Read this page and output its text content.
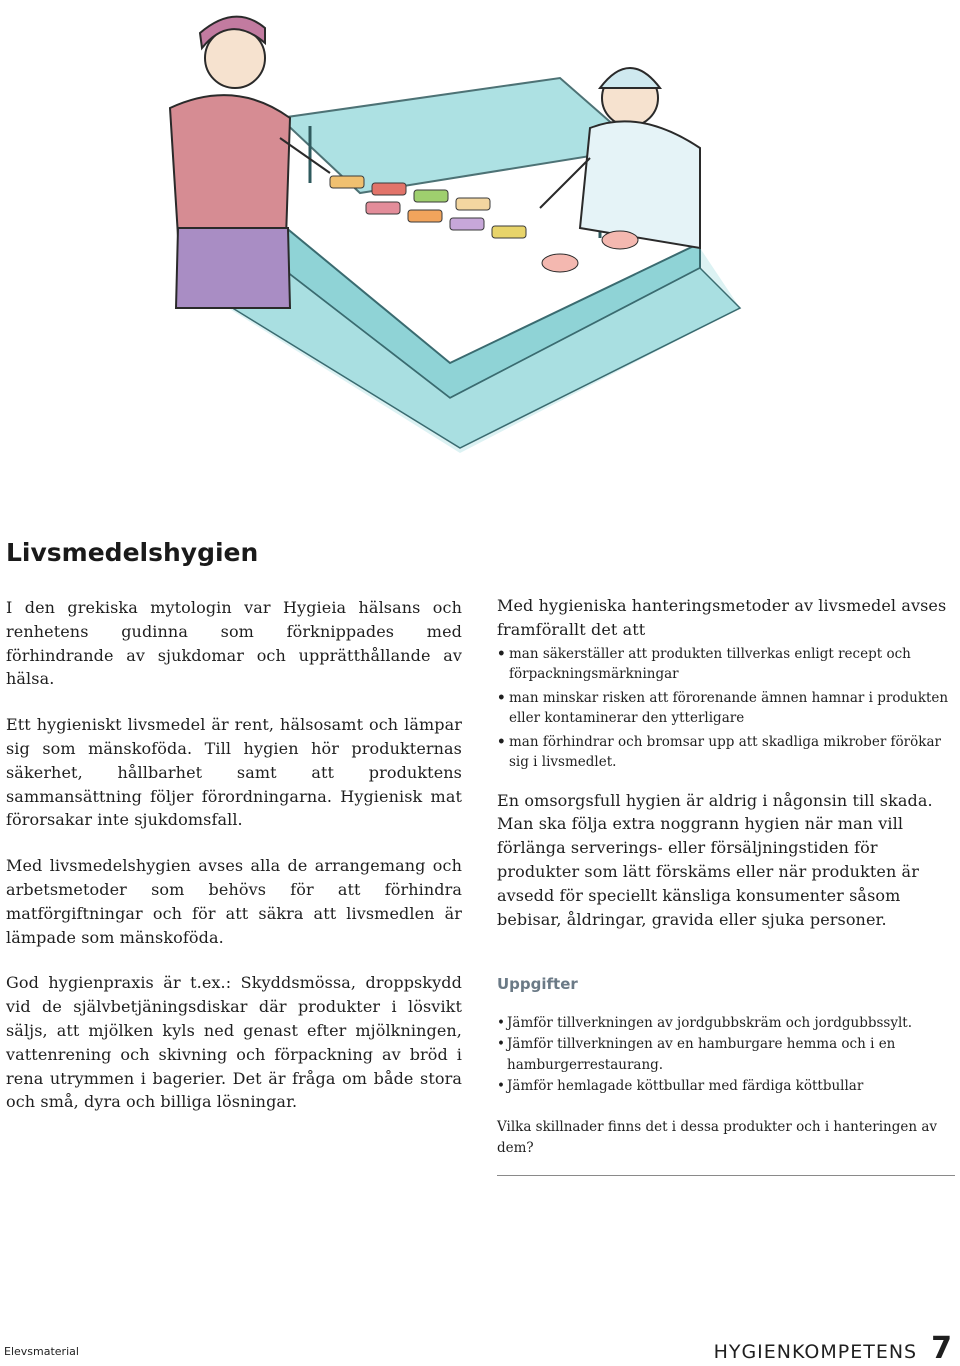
Livsmedelshygien

I den grekiska mytologin var Hygieia hälsans och renhetens gudinna som förknippades med förhindrande av sjukdomar och upprätthållande av hälsa.

Ett hygieniskt livsmedel är rent, hälsosamt och lämpar sig som mänskoföda. Till hygien hör produkternas säkerhet, hållbarhet samt att produktens sammansättning följer förordningarna. Hygienisk mat förorsakar inte sjukdomsfall.

Med livsmedelshygien avses alla de arrangemang och arbetsmetoder som behövs för att förhindra matförgiftningar och för att säkra att livsmedlen är lämpade som mänskoföda.

God hygienpraxis är t.ex.: Skyddsmössa, droppskydd vid de självbetjäningsdiskar där produkter i lösvikt säljs, att mjölken kyls ned genast efter mjölkningen, vattenrening och skivning och förpackning av bröd i rena utrymmen i bagerier. Det är fråga om både stora och små, dyra och billiga lösningar.

Med hygieniska hanteringsmetoder av livsmedel avses framförallt det att

• man säkerställer att produkten tillverkas enligt recept och förpackningsmärkningar
• man minskar risken att förorenande ämnen hamnar i produkten eller kontaminerar den ytterligare
• man förhindrar och bromsar upp att skadliga mikrober förökar sig i livsmedlet.

En omsorgsfull hygien är aldrig i någonsin till skada. Man ska följa extra noggrann hygien när man vill förlänga serverings- eller försäljningstiden för produkter som lätt förskäms eller när produkten är avsedd för speciellt känsliga konsumenter såsom bebisar, åldringar, gravida eller sjuka personer.

Uppgifter
• Jämför tillverkningen av jordgubbskräm och jordgubbssylt.
• Jämför tillverkningen av en hamburgare hemma och i en hamburgerrestaurang.
• Jämför hemlagade köttbullar med färdiga köttbullar

Vilka skillnader finns det i dessa produkter och i hanteringen av dem?

Elevsmaterial	HYGIENKOMPETENS 7
